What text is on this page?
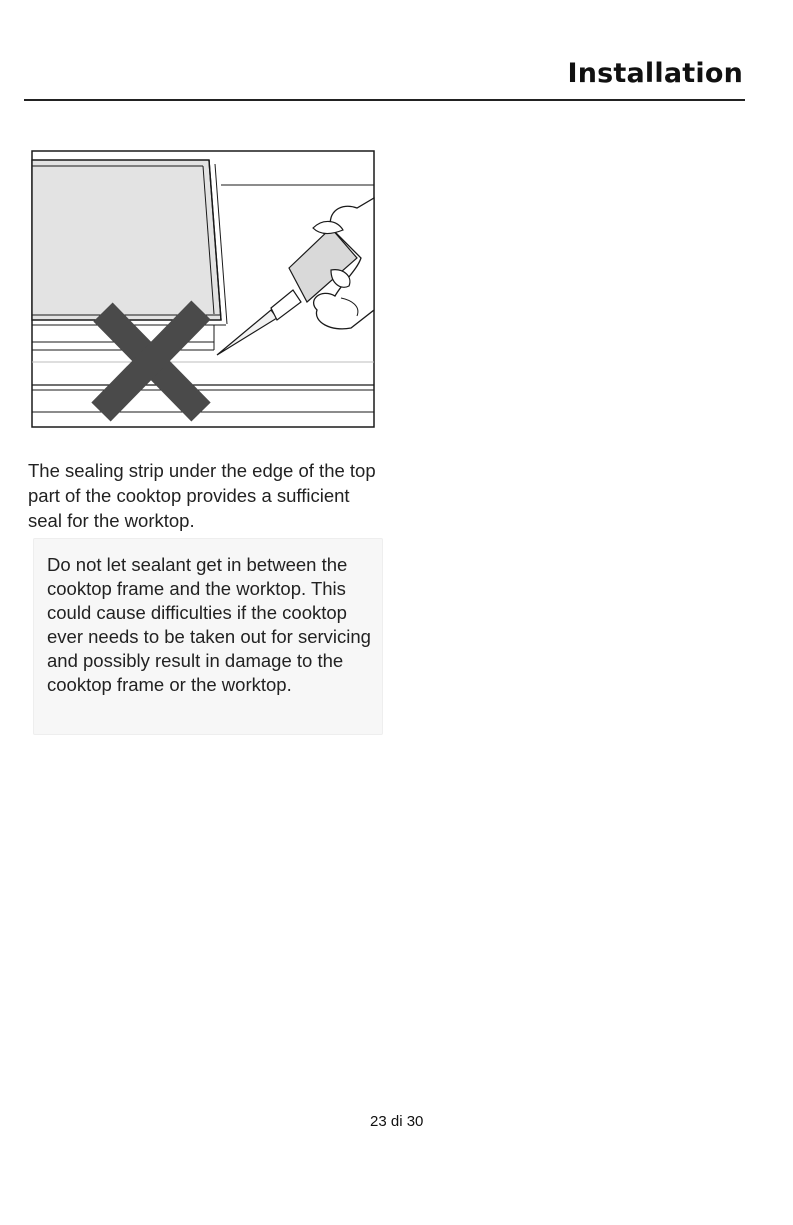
Installation
The sealing strip under the edge of the top part of the cooktop provides a sufficient seal for the worktop.
Do not let sealant get in between the cooktop frame and the worktop. This could cause difficulties if the cooktop ever needs to be taken out for servicing and possibly result in damage to the cooktop frame or the worktop.
23 di 30
